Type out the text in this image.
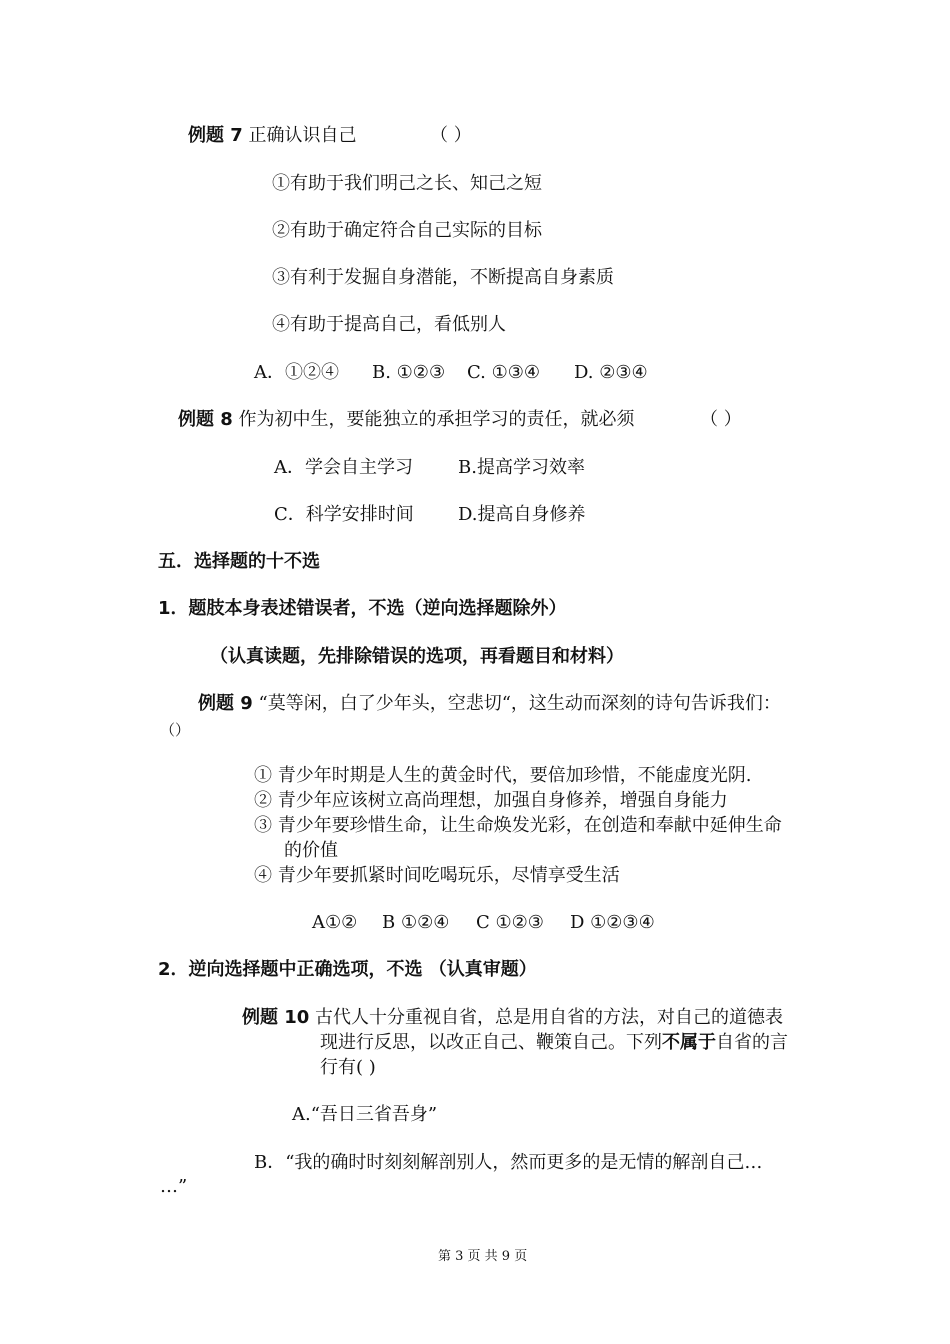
例题 7 正确认识自己	（ ）
①有助于我们明己之长、知己之短
②有助于确定符合自己实际的目标
③有利于发掘自身潜能，不断提高自身素质
④有助于提高自己，看低别人
A．①②④ B. ①②③ C. ①③④ D. ②③④
例题 8 作为初中生，要能独立的承担学习的责任，就必须	（ ）
A．学会自主学习	B.提高学习效率
C．科学安排时间 D.提高自身修养
五．选择题的十不选
1．题肢本身表述错误者，不选（逆向选择题除外）
（认真读题，先排除错误的选项，再看题目和材料）
例题 9 “莫等闲，白了少年头，空悲切“，这生动而深刻的诗句告诉我们：
（）
① 青少年时期是人生的黄金时代，要倍加珍惜，不能虚度光阴.
② 青少年应该树立高尚理想，加强自身修养，增强自身能力
③ 青少年要珍惜生命，让生命焕发光彩，在创造和奉献中延伸生命
的价值
④ 青少年要抓紧时间吃喝玩乐，尽情享受生活
A①② B ①②④ C ①②③ D ①②③④
2．逆向选择题中正确选项，不选 （认真审题）
例题 10 古代人十分重视自省，总是用自省的方法，对自己的道德表
现进行反思，以改正自己、鞭策自己。下列不属于自省的言
行有( )
A.“吾日三省吾身”
B．“我的确时时刻刻解剖别人，然而更多的是无情的解剖自己…
…”
第 3 页 共 9 页
